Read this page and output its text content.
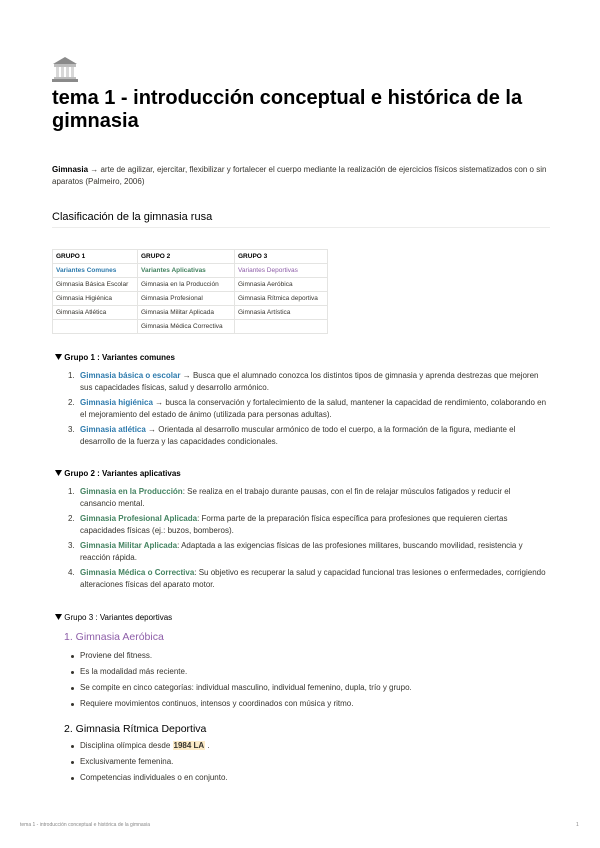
tema 1 - introducción conceptual e histórica de la gimnasia

Gimnasia → arte de agilizar, ejercitar, flexibilizar y fortalecer el cuerpo mediante la realización de ejercicios físicos sistematizados con o sin aparatos (Palmeiro, 2006)

Clasificación de la gimnasia rusa
GRUPO 1	GRUPO 2	GRUPO 3
Variantes Comunes	Variantes Aplicativas	Variantes Deportivas
Gimnasia Básica Escolar	Gimnasia en la Producción	Gimnasia Aeróbica
Gimnasia Higiénica	Gimnasia Profesional	Gimnasia Rítmica deportiva
Gimnasia Atlética	Gimnasia Militar Aplicada	Gimnasia Artística
	Gimnasia Médica Correctiva	
Grupo 1 : Variantes comunes
1. Gimnasia básica o escolar → Busca que el alumnado conozca los distintos tipos de gimnasia y aprenda destrezas que mejoren sus capacidades físicas, salud y desarrollo armónico.
2. Gimnasia higiénica → busca la conservación y fortalecimiento de la salud, mantener la capacidad de rendimiento, colaborando en el mejoramiento del estado de ánimo (utilizada para personas adultas).
3. Gimnasia atlética → Orientada al desarrollo muscular armónico de todo el cuerpo, a la formación de la figura, mediante el desarrollo de la fuerza y las capacidades condicionales.
Grupo 2 : Variantes aplicativas
1. Gimnasia en la Producción: Se realiza en el trabajo durante pausas, con el fin de relajar músculos fatigados y reducir el cansancio mental.
2. Gimnasia Profesional Aplicada: Forma parte de la preparación física específica para profesiones que requieren ciertas capacidades físicas (ej.: buzos, bomberos).
3. Gimnasia Militar Aplicada: Adaptada a las exigencias físicas de las profesiones militares, buscando movilidad, resistencia y reacción rápida.
4. Gimnasia Médica o Correctiva: Su objetivo es recuperar la salud y capacidad funcional tras lesiones o enfermedades, corrigiendo alteraciones físicas del aparato motor.
Grupo 3 : Variantes deportivas
1. Gimnasia Aeróbica
Proviene del fitness.
Es la modalidad más reciente.
Se compite en cinco categorías: individual masculino, individual femenino, dupla, trío y grupo.
Requiere movimientos continuos, intensos y coordinados con música y ritmo.
2. Gimnasia Rítmica Deportiva
Disciplina olímpica desde 1984 LA .
Exclusivamente femenina.
Competencias individuales o en conjunto.
tema 1 - introducción conceptual e histórica de la gimnasia	1
